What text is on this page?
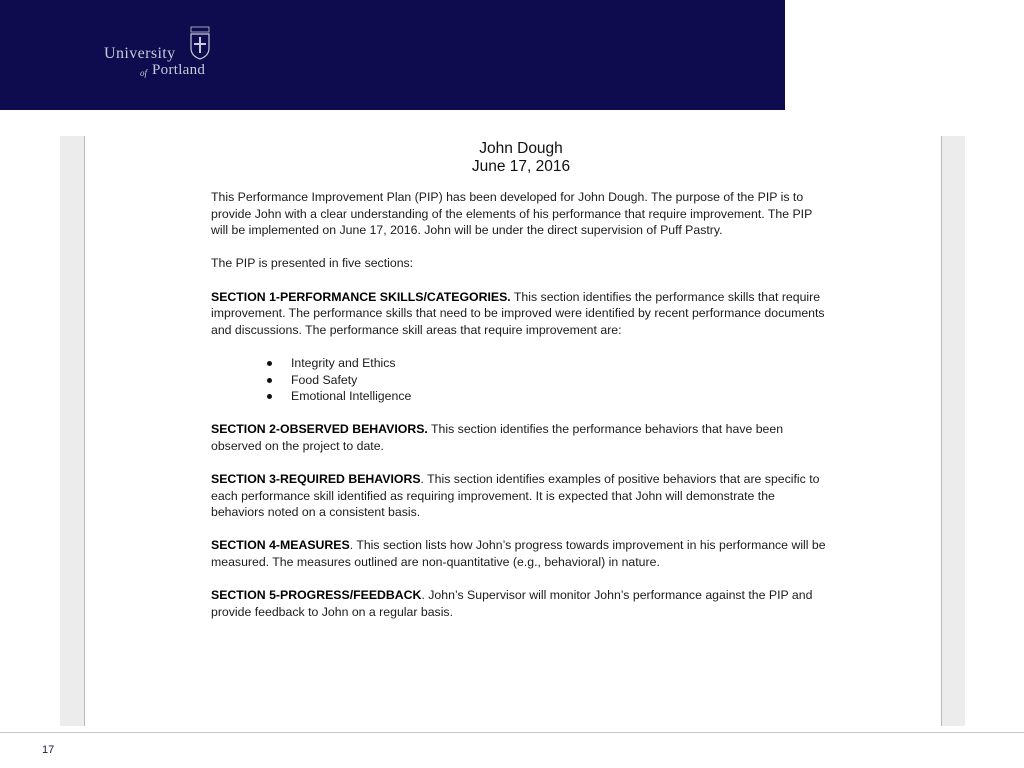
University
of Portland
John Dough
June 17, 2016

This Performance Improvement Plan (PIP) has been developed for John Dough. The purpose of the PIP is to provide John with a clear understanding of the elements of his performance that require improvement. The PIP will be implemented on June 17, 2016. John will be under the direct supervision of Puff Pastry.

The PIP is presented in five sections:

SECTION 1-PERFORMANCE SKILLS/CATEGORIES. This section identifies the performance skills that require improvement. The performance skills that need to be improved were identified by recent performance documents and discussions. The performance skill areas that require improvement are:

Integrity and Ethics
Food Safety
Emotional Intelligence

SECTION 2-OBSERVED BEHAVIORS. This section identifies the performance behaviors that have been observed on the project to date.

SECTION 3-REQUIRED BEHAVIORS. This section identifies examples of positive behaviors that are specific to each performance skill identified as requiring improvement. It is expected that John will demonstrate the behaviors noted on a consistent basis.

SECTION 4-MEASURES. This section lists how John’s progress towards improvement in his performance will be measured. The measures outlined are non-quantitative (e.g., behavioral) in nature.

SECTION 5-PROGRESS/FEEDBACK. John’s Supervisor will monitor John’s performance against the PIP and provide feedback to John on a regular basis.

17
